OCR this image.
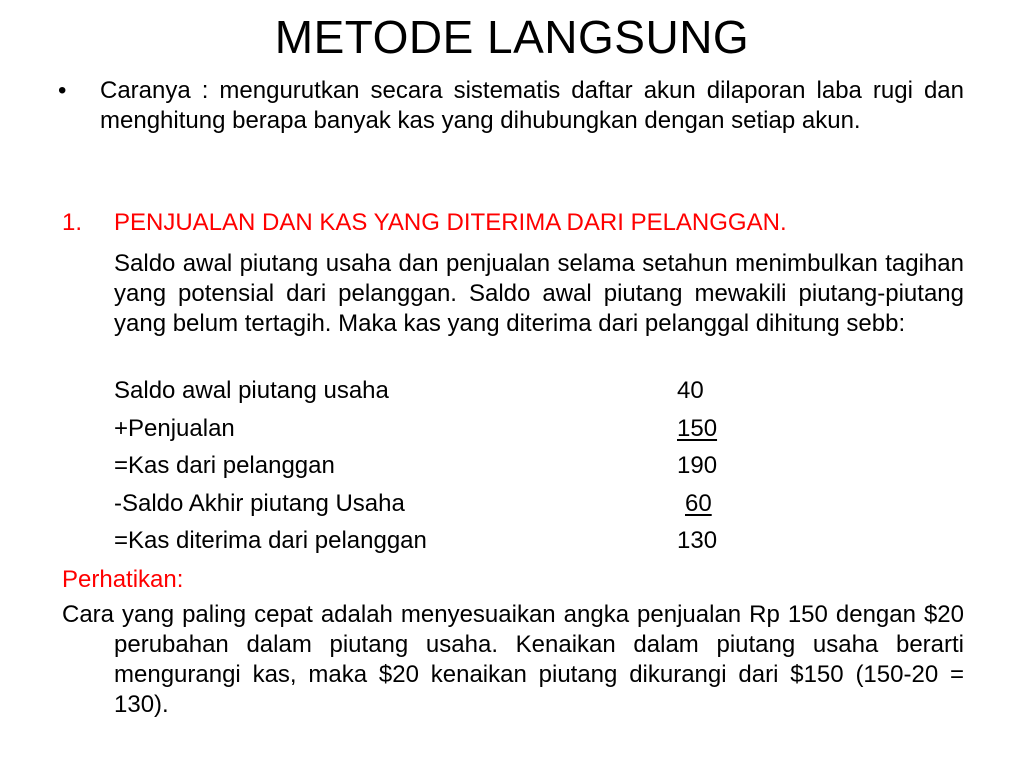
METODE LANGSUNG
•	Caranya : mengurutkan secara sistematis daftar akun dilaporan laba rugi dan menghitung berapa banyak kas yang dihubungkan dengan setiap akun.
1.	PENJUALAN DAN KAS YANG DITERIMA DARI PELANGGAN.
Saldo awal piutang usaha dan penjualan selama setahun menimbulkan tagihan yang potensial dari pelanggan. Saldo awal piutang mewakili piutang-piutang yang belum tertagih. Maka kas yang diterima dari pelanggal dihitung sebb:
Saldo awal piutang usaha	40
+Penjualan	150
=Kas dari pelanggan	190
-Saldo Akhir piutang Usaha	60
=Kas diterima dari pelanggan	130
Perhatikan:
Cara yang paling cepat adalah menyesuaikan angka penjualan Rp 150 dengan $20 perubahan dalam piutang usaha. Kenaikan dalam piutang usaha berarti mengurangi kas, maka $20 kenaikan piutang dikurangi dari $150 (150-20 = 130).
